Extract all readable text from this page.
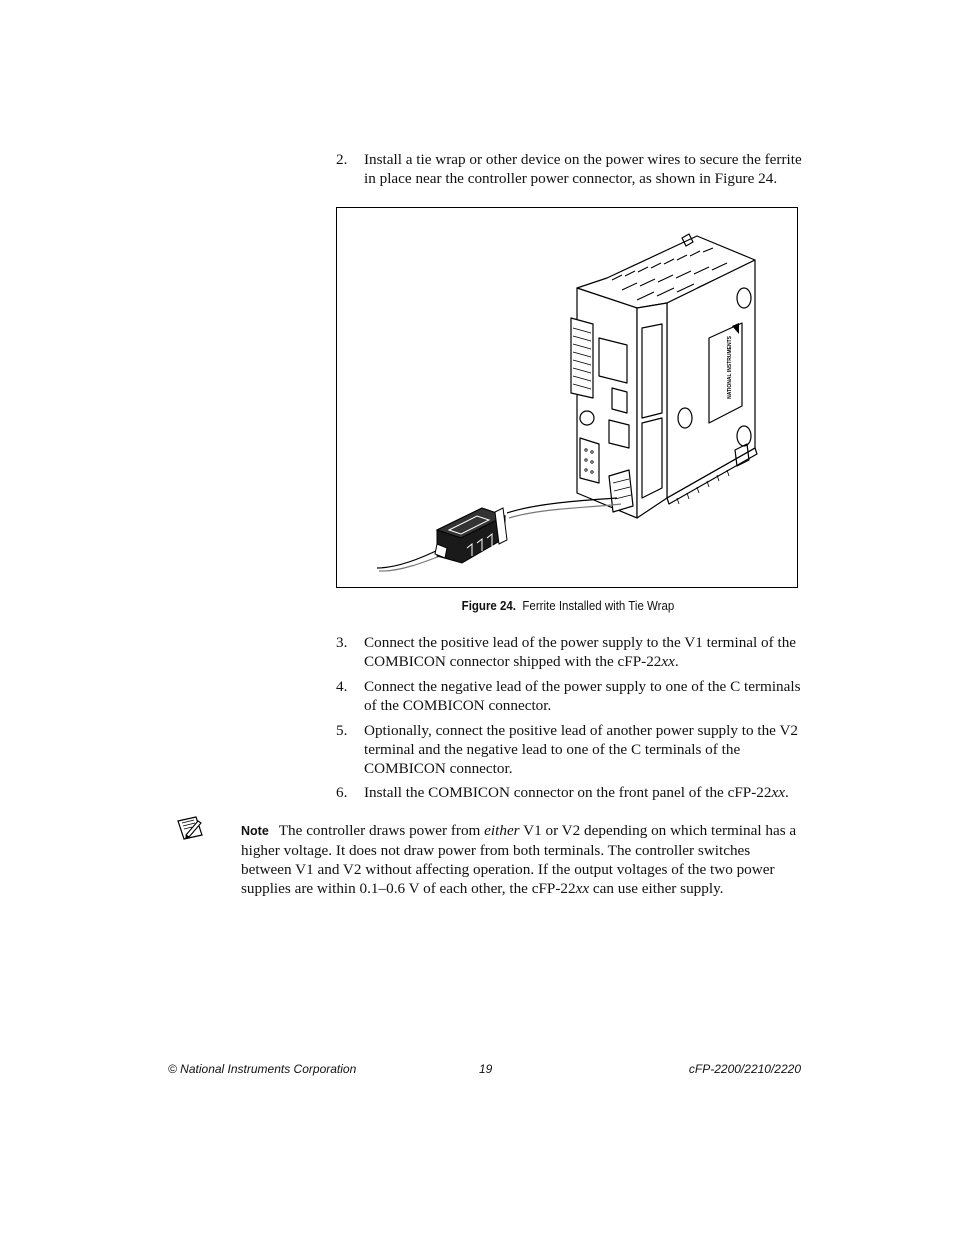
2. Install a tie wrap or other device on the power wires to secure the ferrite in place near the controller power connector, as shown in Figure 24.
NATIONAL INSTRUMENTS
Figure 24. Ferrite Installed with Tie Wrap
3. Connect the positive lead of the power supply to the V1 terminal of the COMBICON connector shipped with the cFP-22xx.
4. Connect the negative lead of the power supply to one of the C terminals of the COMBICON connector.
5. Optionally, connect the positive lead of another power supply to the V2 terminal and the negative lead to one of the C terminals of the COMBICON connector.
6. Install the COMBICON connector on the front panel of the cFP-22xx.
Note The controller draws power from either V1 or V2 depending on which terminal has a higher voltage. It does not draw power from both terminals. The controller switches between V1 and V2 without affecting operation. If the output voltages of the two power supplies are within 0.1–0.6 V of each other, the cFP-22xx can use either supply.
© National Instruments Corporation	19	cFP-2200/2210/2220
